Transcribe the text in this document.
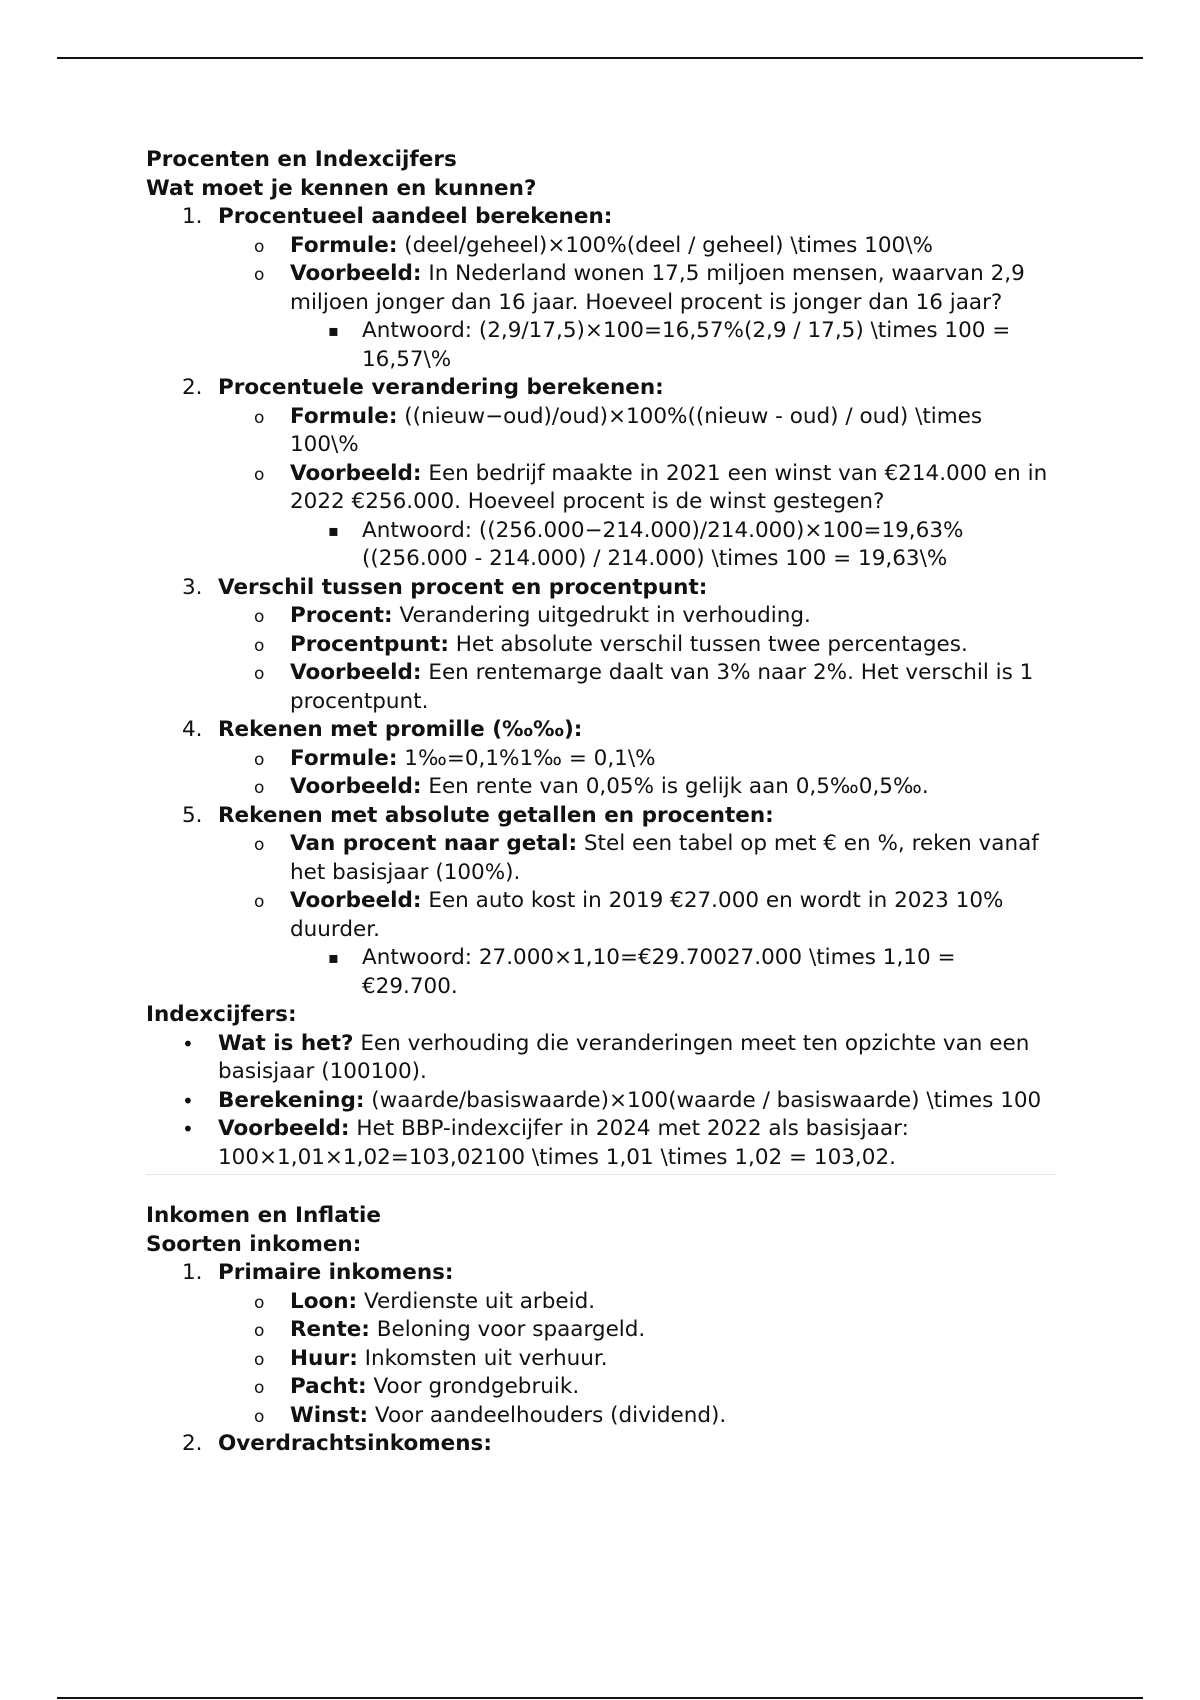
Procenten en Indexcijfers
Wat moet je kennen en kunnen?
1. Procentueel aandeel berekenen:
o Formule: (deel/geheel)×100%(deel / geheel) \times 100\%
o Voorbeeld: In Nederland wonen 17,5 miljoen mensen, waarvan 2,9 miljoen jonger dan 16 jaar. Hoeveel procent is jonger dan 16 jaar?
▪ Antwoord: (2,9/17,5)×100=16,57%(2,9 / 17,5) \times 100 = 16,57\%
2. Procentuele verandering berekenen:
o Formule: ((nieuw−oud)/oud)×100%((nieuw - oud) / oud) \times 100\%
o Voorbeeld: Een bedrijf maakte in 2021 een winst van €214.000 en in 2022 €256.000. Hoeveel procent is de winst gestegen?
▪ Antwoord: ((256.000−214.000)/214.000)×100=19,63%((256.000 - 214.000) / 214.000) \times 100 = 19,63\%
3. Verschil tussen procent en procentpunt:
o Procent: Verandering uitgedrukt in verhouding.
o Procentpunt: Het absolute verschil tussen twee percentages.
o Voorbeeld: Een rentemarge daalt van 3% naar 2%. Het verschil is 1 procentpunt.
4. Rekenen met promille (‰‰):
o Formule: 1‰=0,1%1‰ = 0,1\%
o Voorbeeld: Een rente van 0,05% is gelijk aan 0,5‰0,5‰.
5. Rekenen met absolute getallen en procenten:
o Van procent naar getal: Stel een tabel op met € en %, reken vanaf het basisjaar (100%).
o Voorbeeld: Een auto kost in 2019 €27.000 en wordt in 2023 10% duurder.
▪ Antwoord: 27.000×1,10=€29.70027.000 \times 1,10 = €29.700.
Indexcijfers:
• Wat is het? Een verhouding die veranderingen meet ten opzichte van een basisjaar (100100).
• Berekening: (waarde/basiswaarde)×100(waarde / basiswaarde) \times 100
• Voorbeeld: Het BBP-indexcijfer in 2024 met 2022 als basisjaar: 100×1,01×1,02=103,02100 \times 1,01 \times 1,02 = 103,02.
Inkomen en Inflatie
Soorten inkomen:
1. Primaire inkomens:
o Loon: Verdienste uit arbeid.
o Rente: Beloning voor spaargeld.
o Huur: Inkomsten uit verhuur.
o Pacht: Voor grondgebruik.
o Winst: Voor aandeelhouders (dividend).
2. Overdrachtsinkomens:
